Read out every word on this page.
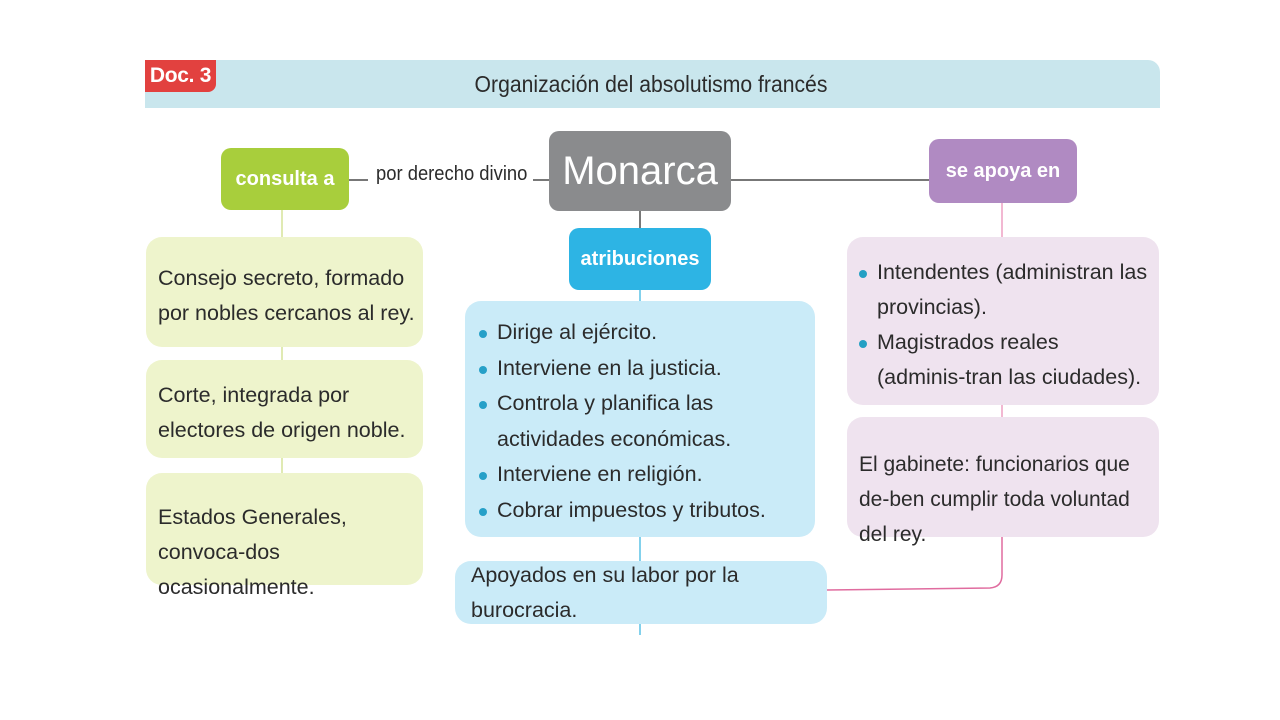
Doc. 3	Organización del absolutismo francés
consulta a	por derecho divino Monarca	se apoya en
atribuciones
Consejo secreto, formado por nobles cercanos al rey.
Corte, integrada por electores de origen noble.
Estados Generales, convoca-dos ocasionalmente.
Dirige al ejército.
Interviene en la justicia.
Controla y planifica las actividades económicas.
Interviene en religión.
Cobrar impuestos y tributos.
Apoyados en su labor por la burocracia.
Intendentes (administran las provincias).
Magistrados reales (adminis-tran las ciudades).
El gabinete: funcionarios que de-ben cumplir toda voluntad del rey.
